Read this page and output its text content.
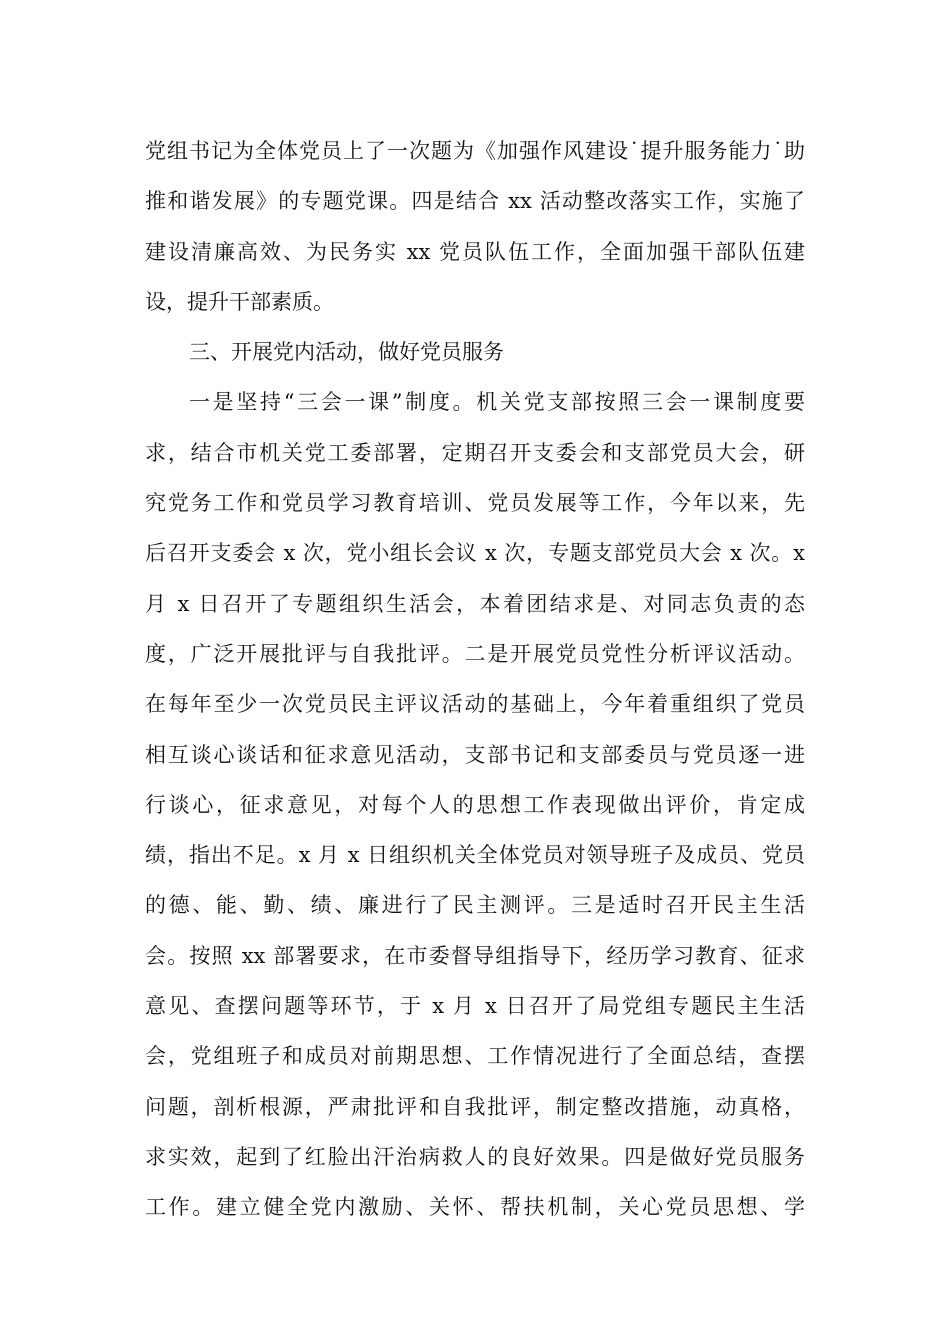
党组书记为全体党员上了一次题为《加强作风建设˙提升服务能力˙助
推和谐发展》的专题党课。四是结合 xx 活动整改落实工作，实施了
建设清廉高效、为民务实 xx 党员队伍工作，全面加强干部队伍建
设，提升干部素质。
三、开展党内活动，做好党员服务
一是坚持“三会一课”制度。机关党支部按照三会一课制度要
求，结合市机关党工委部署，定期召开支委会和支部党员大会，研
究党务工作和党员学习教育培训、党员发展等工作，今年以来，先
后召开支委会 x 次，党小组长会议 x 次，专题支部党员大会 x 次。x
月 x 日召开了专题组织生活会，本着团结求是、对同志负责的态
度，广泛开展批评与自我批评。二是开展党员党性分析评议活动。
在每年至少一次党员民主评议活动的基础上，今年着重组织了党员
相互谈心谈话和征求意见活动，支部书记和支部委员与党员逐一进
行谈心，征求意见，对每个人的思想工作表现做出评价，肯定成
绩，指出不足。x 月 x 日组织机关全体党员对领导班子及成员、党员
的德、能、勤、绩、廉进行了民主测评。三是适时召开民主生活
会。按照 xx 部署要求，在市委督导组指导下，经历学习教育、征求
意见、查摆问题等环节，于 x 月 x 日召开了局党组专题民主生活
会，党组班子和成员对前期思想、工作情况进行了全面总结，查摆
问题，剖析根源，严肃批评和自我批评，制定整改措施，动真格，
求实效，起到了红脸出汗治病救人的良好效果。四是做好党员服务
工作。建立健全党内激励、关怀、帮扶机制，关心党员思想、学
